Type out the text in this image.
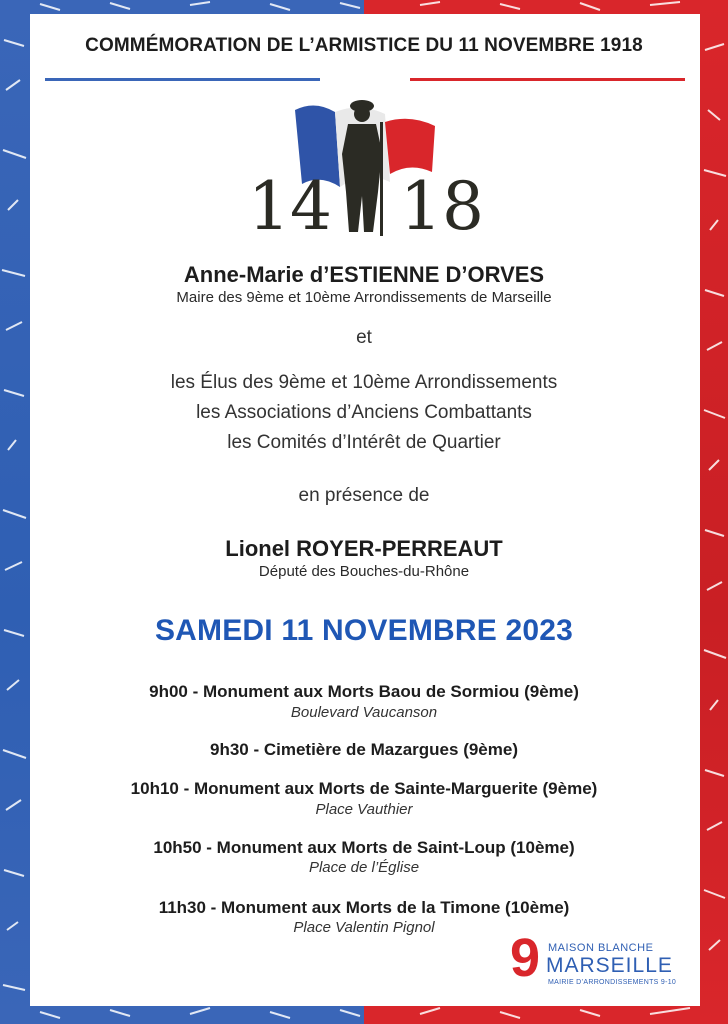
COMMÉMORATION DE L’ARMISTICE DU 11 NOVEMBRE 1918
14 18
Anne-Marie d’ESTIENNE D’ORVES
Maire des 9ème et 10ème Arrondissements de Marseille
et
les Élus des 9ème et 10ème Arrondissements
les Associations d’Anciens Combattants
les Comités d’Intérêt de Quartier
en présence de
Lionel ROYER-PERREAUT
Député des Bouches-du-Rhône
SAMEDI 11 NOVEMBRE 2023
9h00 - Monument aux Morts Baou de Sormiou (9ème)
Boulevard Vaucanson
9h30 - Cimetière de Mazargues (9ème)
10h10 - Monument aux Morts de Sainte-Marguerite (9ème)
Place Vauthier
10h50 - Monument aux Morts de Saint-Loup (10ème)
Place de l’Église
11h30 - Monument aux Morts de la Timone (10ème)
Place Valentin Pignol
9 MAISON BLANCHE
MARSEILLE
MAIRIE D’ARRONDISSEMENTS 9-10
